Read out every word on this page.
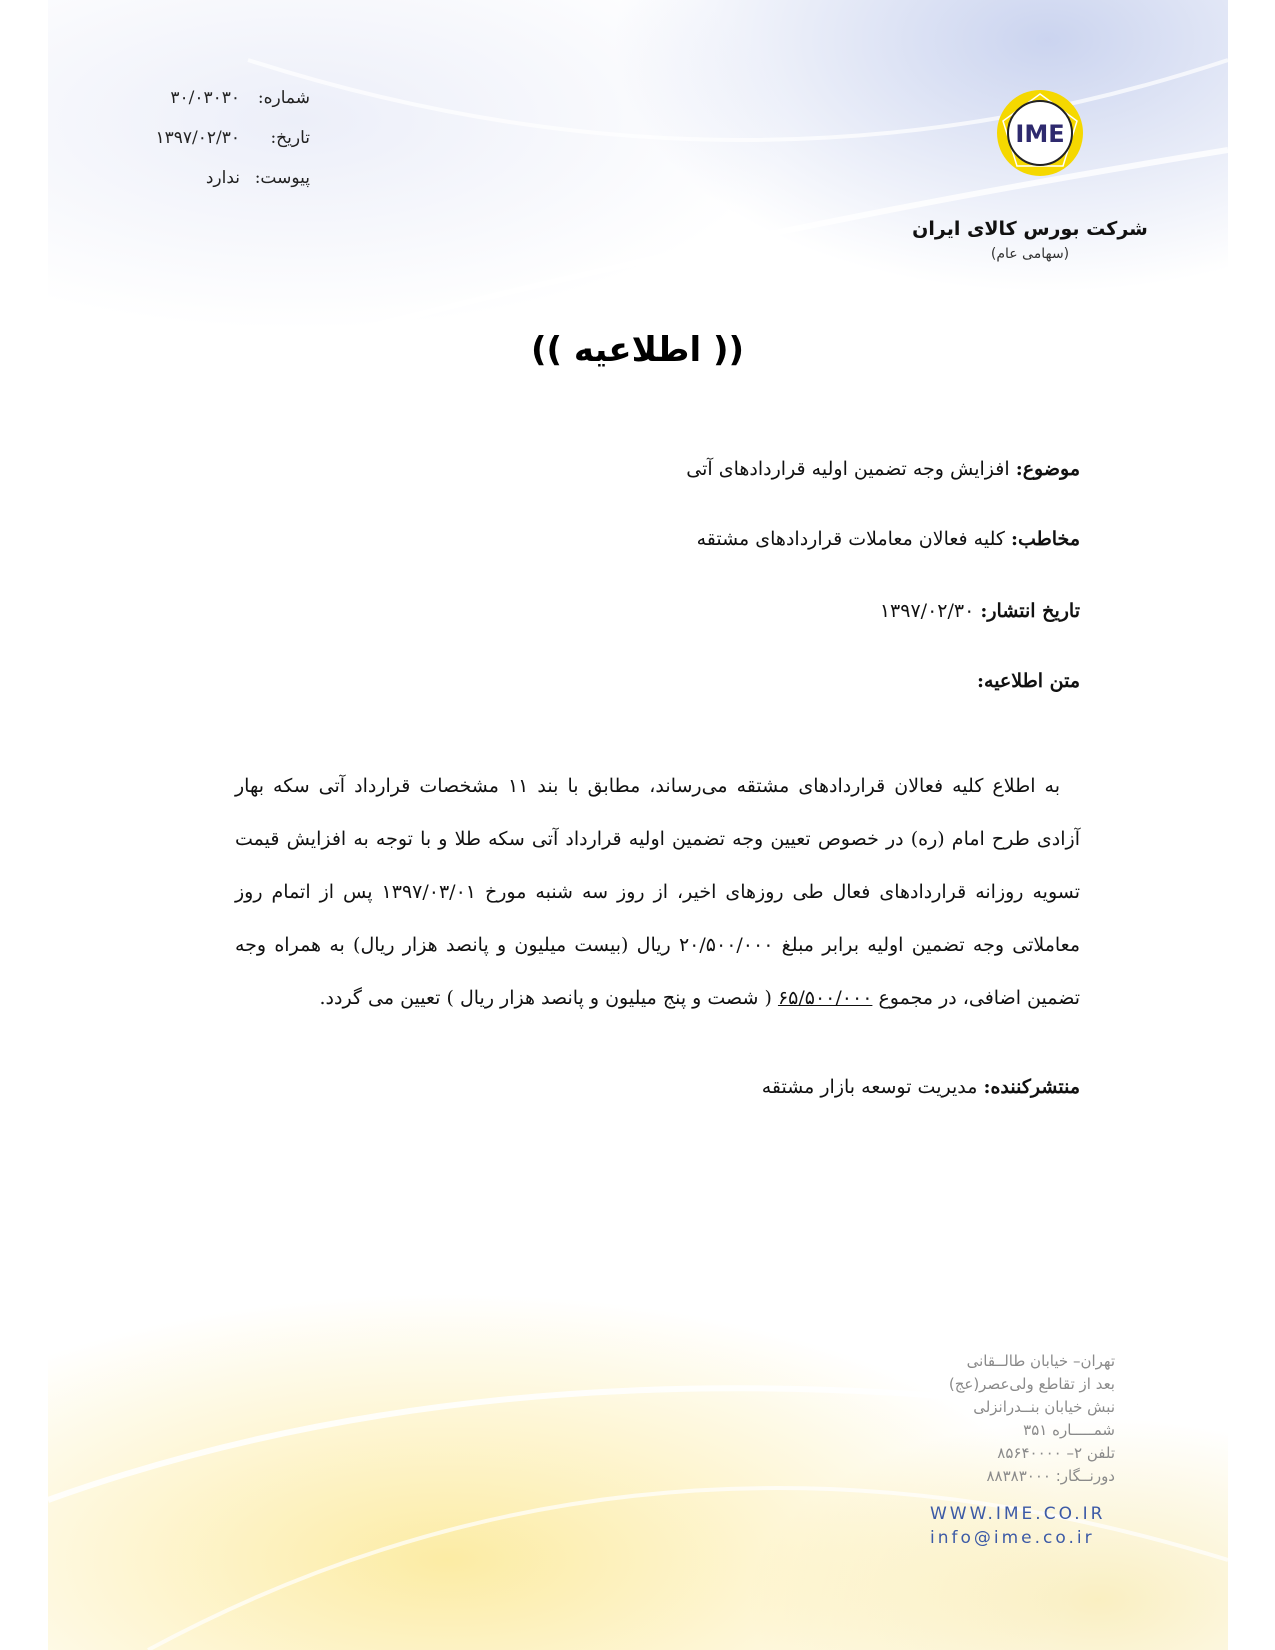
شماره:
۳۰/۰۳۰۳۰
تاریخ:
۱۳۹۷/۰۲/۳۰
پیوست:
ندارد
IME
شرکت بورس کالای ایران
(سهامی عام)
(( اطلاعیه ))
موضوع: افزایش وجه تضمین اولیه قراردادهای آتی
مخاطب: کلیه فعالان معاملات قراردادهای مشتقه
تاریخ انتشار: ۱۳۹۷/۰۲/۳۰
متن اطلاعیه:

به اطلاع کلیه فعالان قراردادهای مشتقه می‌رساند، مطابق با بند ۱۱ مشخصات قرارداد آتی سکه بهار آزادی طرح امام (ره) در خصوص تعیین وجه تضمین اولیه قرارداد آتی سکه طلا و با توجه به افزایش قیمت تسویه روزانه قراردادهای فعال طی روزهای اخیر، از روز سه شنبه مورخ ۱۳۹۷/۰۳/۰۱ پس از اتمام روز معاملاتی وجه تضمین اولیه برابر مبلغ ۲۰/۵۰۰/۰۰۰ ریال (بیست میلیون و پانصد هزار ریال) به همراه وجه تضمین اضافی، در مجموع ۶۵/۵۰۰/۰۰۰ ( شصت و پنج میلیون و پانصد هزار ریال ) تعیین می گردد.

منتشرکننده: مدیریت توسعه بازار مشتقه
تهران– خیابان طالــقانی
بعد از تقاطع ولی‌عصر(عج)
نبش خیابان بنــدرانزلی
شمـــــاره ۳۵۱
تلفن ۲– ۸۵۶۴۰۰۰۰
دورنــگار: ۸۸۳۸۳۰۰۰
WWW.IME.CO.IR
info@ime.co.ir
